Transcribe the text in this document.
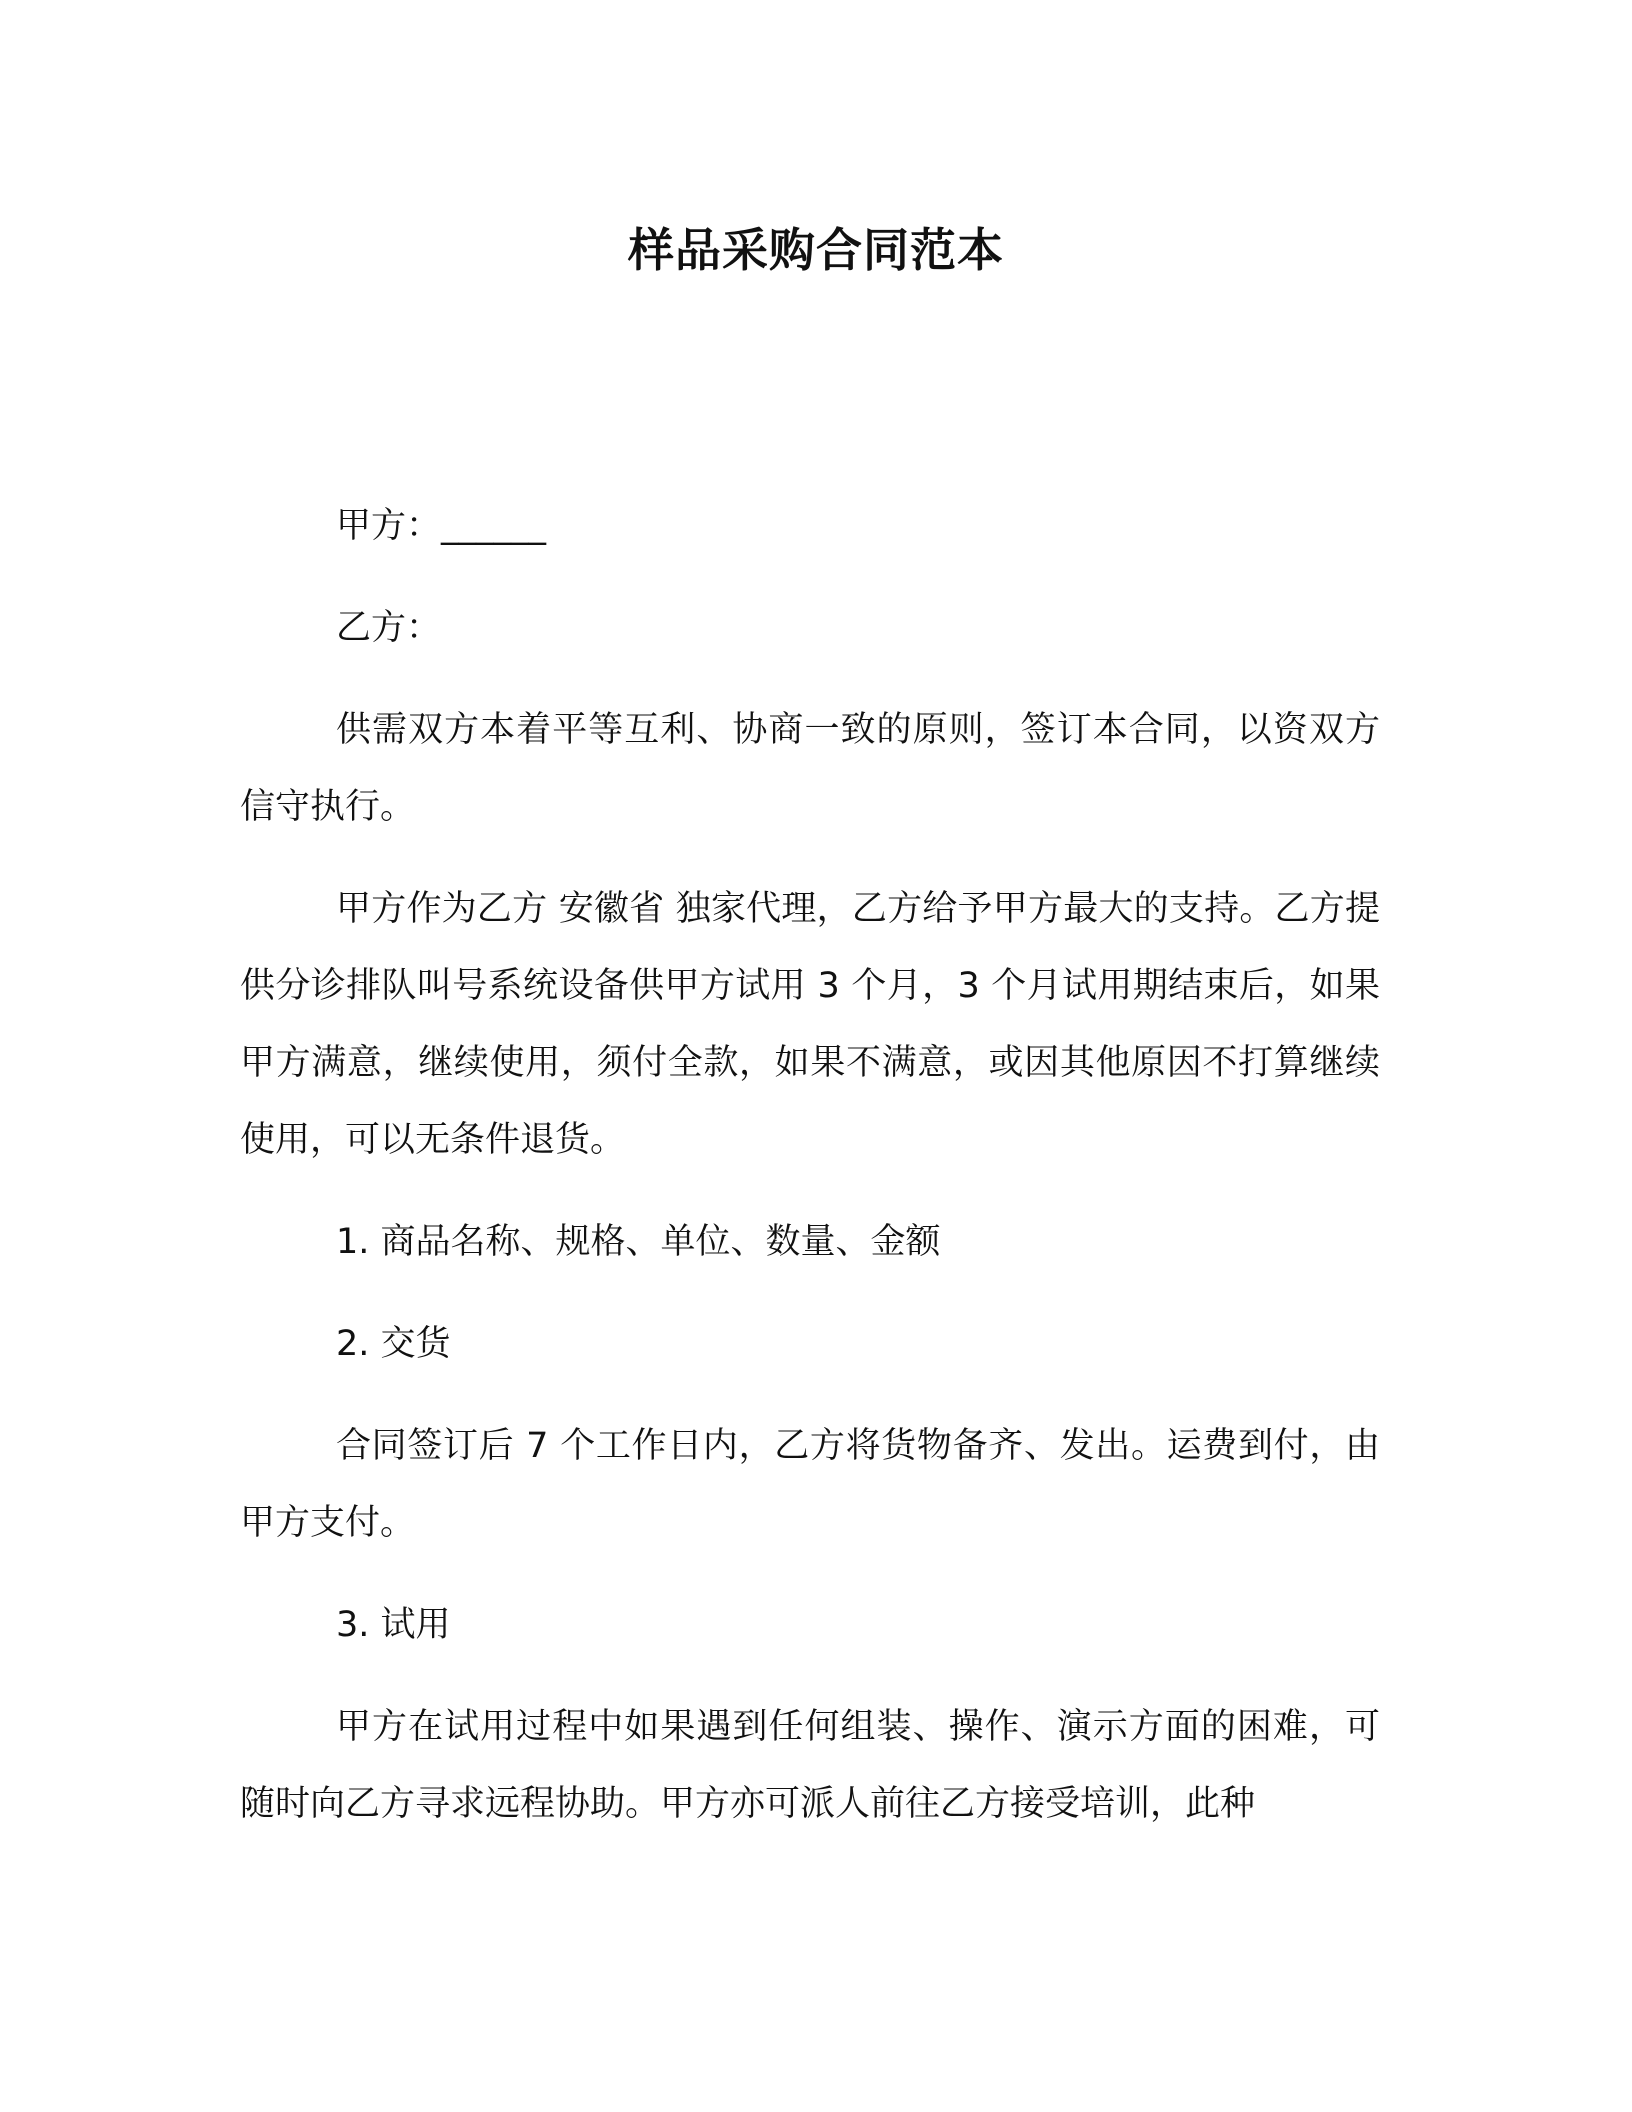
样品采购合同范本

甲方：______

乙方：

供需双方本着平等互利、协商一致的原则，签订本合同，以资双方信守执行。

甲方作为乙方 安徽省 独家代理，乙方给予甲方最大的支持。乙方提供分诊排队叫号系统设备供甲方试用 3 个月，3 个月试用期结束后，如果甲方满意，继续使用，须付全款，如果不满意，或因其他原因不打算继续使用，可以无条件退货。

1. 商品名称、规格、单位、数量、金额

2. 交货

合同签订后 7 个工作日内，乙方将货物备齐、发出。运费到付，由甲方支付。

3. 试用

甲方在试用过程中如果遇到任何组装、操作、演示方面的困难，可随时向乙方寻求远程协助。甲方亦可派人前往乙方接受培训，此种
